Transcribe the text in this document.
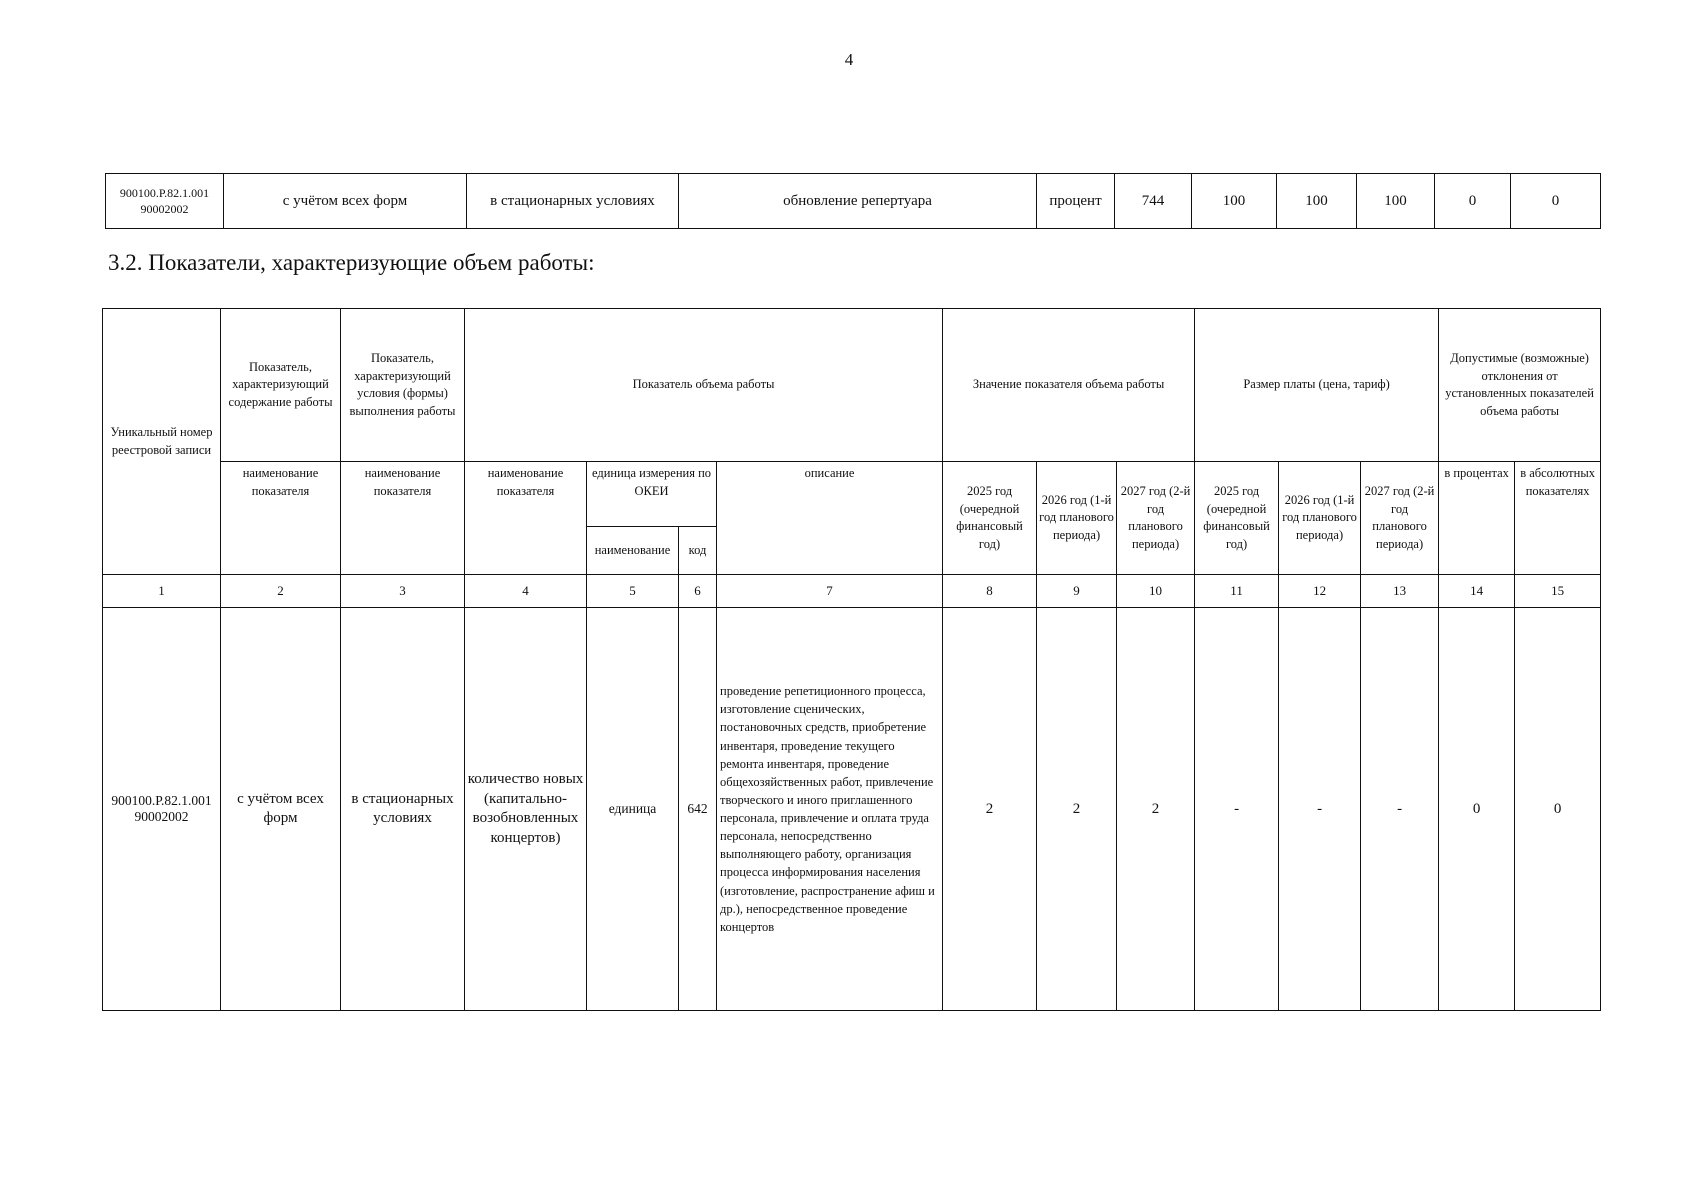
4
900100.Р.82.1.001 90002002	с учётом всех форм	в стационарных условиях	обновление репертуара	процент	744	100	100	100	0	0
3.2. Показатели, характеризующие объем работы:
Уникальный номер реестровой записи	Показатель, характеризующий содержание работы	Показатель, характеризующий условия (формы) выполнения работы	Показатель объема работы				Значение показателя объема работы			Размер платы (цена, тариф)			Допустимые (возможные) отклонения от установленных показателей объема работы	
	наименование показателя	наименование показателя	наименование показателя	единица измерения по ОКЕИ		описание	2025 год (очередной финансовый год)	2026 год (1-й год планового периода)	2027 год (2-й год планового периода)	2025 год (очередной финансовый год)	2026 год (1-й год планового периода)	2027 год (2-й год планового периода)	в процентах	в абсолютных показателях
				наименование	код									
1	2	3	4	5	6	7	8	9	10	11	12	13	14	15
900100.Р.82.1.001 90002002	с учётом всех форм	в стационарных условиях	количество новых (капитально-возобновленных концертов)	единица	642	проведение репетиционного процесса, изготовление сценических, постановочных средств, приобретение инвентаря, проведение текущего ремонта инвентаря, проведение общехозяйственных работ, привлечение творческого и иного приглашенного персонала, привлечение и оплата труда персонала, непосредственно выполняющего работу, организация процесса информирования населения (изготовление, распространение афиш и др.), непосредственное проведение концертов	2	2	2	-	-	-	0	0
